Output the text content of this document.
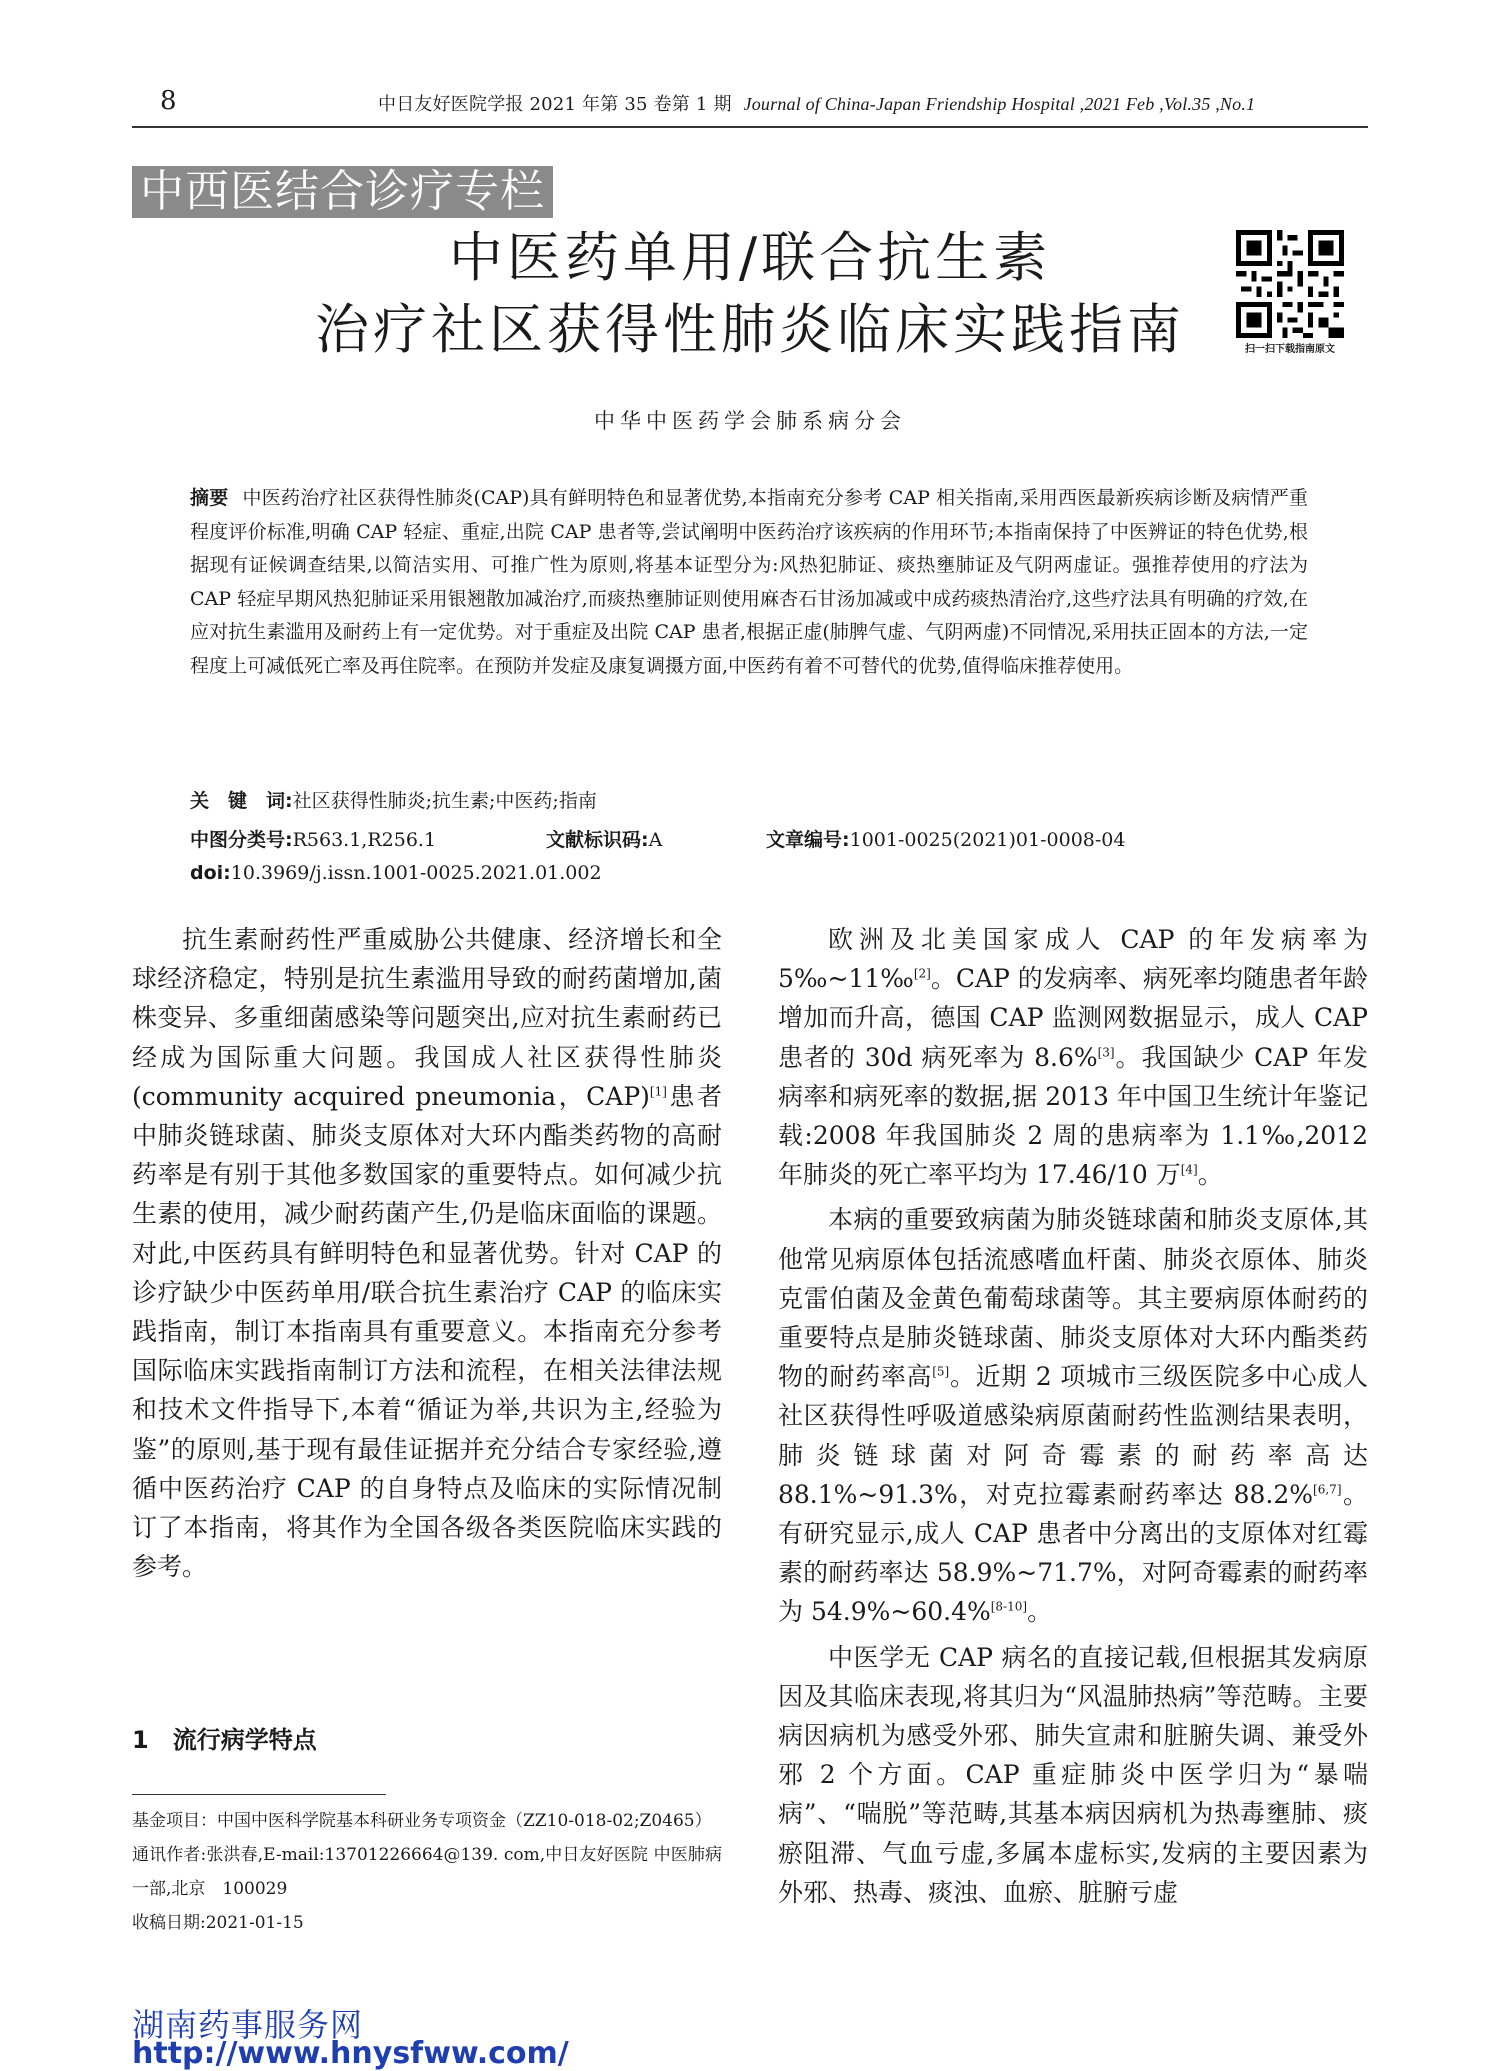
8	中日友好医院学报 2021 年第 35 卷第 1 期 Journal of China-Japan Friendship Hospital ,2021 Feb ,Vol.35 ,No.1
中西医结合诊疗专栏
中医药单用/联合抗生素
治疗社区获得性肺炎临床实践指南	扫一扫下载指南原文
中华中医药学会肺系病分会
摘要 中医药治疗社区获得性肺炎(CAP)具有鲜明特色和显著优势,本指南充分参考 CAP 相关指南,采用西医最新疾病诊断及病情严重程度评价标准,明确 CAP 轻症、重症,出院 CAP 患者等,尝试阐明中医药治疗该疾病的作用环节;本指南保持了中医辨证的特色优势,根据现有证候调查结果,以简洁实用、可推广性为原则,将基本证型分为:风热犯肺证、痰热壅肺证及气阴两虚证。强推荐使用的疗法为 CAP 轻症早期风热犯肺证采用银翘散加减治疗,而痰热壅肺证则使用麻杏石甘汤加减或中成药痰热清治疗,这些疗法具有明确的疗效,在应对抗生素滥用及耐药上有一定优势。对于重症及出院 CAP 患者,根据正虚(肺脾气虚、气阴两虚)不同情况,采用扶正固本的方法,一定程度上可减低死亡率及再住院率。在预防并发症及康复调摄方面,中医药有着不可替代的优势,值得临床推荐使用。
关　键　词:社区获得性肺炎;抗生素;中医药;指南
中图分类号:R563.1,R256.1	文献标识码:A	文章编号:1001-0025(2021)01-0008-04
doi:10.3969/j.issn.1001-0025.2021.01.002

抗生素耐药性严重威胁公共健康、经济增长和全球经济稳定，特别是抗生素滥用导致的耐药菌增加,菌株变异、多重细菌感染等问题突出,应对抗生素耐药已经成为国际重大问题。我国成人社区获得性肺炎(community acquired pneumonia，CAP)[1]患者中肺炎链球菌、肺炎支原体对大环内酯类药物的高耐药率是有别于其他多数国家的重要特点。如何减少抗生素的使用，减少耐药菌产生,仍是临床面临的课题。对此,中医药具有鲜明特色和显著优势。针对 CAP 的诊疗缺少中医药单用/联合抗生素治疗 CAP 的临床实践指南，制订本指南具有重要意义。本指南充分参考国际临床实践指南制订方法和流程，在相关法律法规和技术文件指导下,本着“循证为举,共识为主,经验为鉴”的原则,基于现有最佳证据并充分结合专家经验,遵循中医药治疗 CAP 的自身特点及临床的实际情况制订了本指南，将其作为全国各级各类医院临床实践的参考。

1 流行病学特点
基金项目：中国中医科学院基本科研业务专项资金（ZZ10-018-02;Z0465）
通讯作者:张洪春,E-mail:13701226664@139. com,中日友好医院 中医肺病一部,北京　100029
收稿日期:2021-01-15

欧洲及北美国家成人 CAP 的年发病率为 5‰~11‰[2]。CAP 的发病率、病死率均随患者年龄增加而升高，德国 CAP 监测网数据显示，成人 CAP 患者的 30d 病死率为 8.6%[3]。我国缺少 CAP 年发病率和病死率的数据,据 2013 年中国卫生统计年鉴记载:2008 年我国肺炎 2 周的患病率为 1.1‰,2012 年肺炎的死亡率平均为 17.46/10 万[4]。

本病的重要致病菌为肺炎链球菌和肺炎支原体,其他常见病原体包括流感嗜血杆菌、肺炎衣原体、肺炎克雷伯菌及金黄色葡萄球菌等。其主要病原体耐药的重要特点是肺炎链球菌、肺炎支原体对大环内酯类药物的耐药率高[5]。近期 2 项城市三级医院多中心成人社区获得性呼吸道感染病原菌耐药性监测结果表明，肺炎链球菌对阿奇霉素的耐药率高达 88.1%~91.3%，对克拉霉素耐药率达 88.2%[6,7]。有研究显示,成人 CAP 患者中分离出的支原体对红霉素的耐药率达 58.9%~71.7%，对阿奇霉素的耐药率为 54.9%~60.4%[8-10]。

中医学无 CAP 病名的直接记载,但根据其发病原因及其临床表现,将其归为“风温肺热病”等范畴。主要病因病机为感受外邪、肺失宣肃和脏腑失调、兼受外邪 2 个方面。CAP 重症肺炎中医学归为“暴喘病”、“喘脱”等范畴,其基本病因病机为热毒壅肺、痰瘀阻滞、气血亏虚,多属本虚标实,发病的主要因素为外邪、热毒、痰浊、血瘀、脏腑亏虚

湖南药事服务网
http://www.hnysfww.com/
